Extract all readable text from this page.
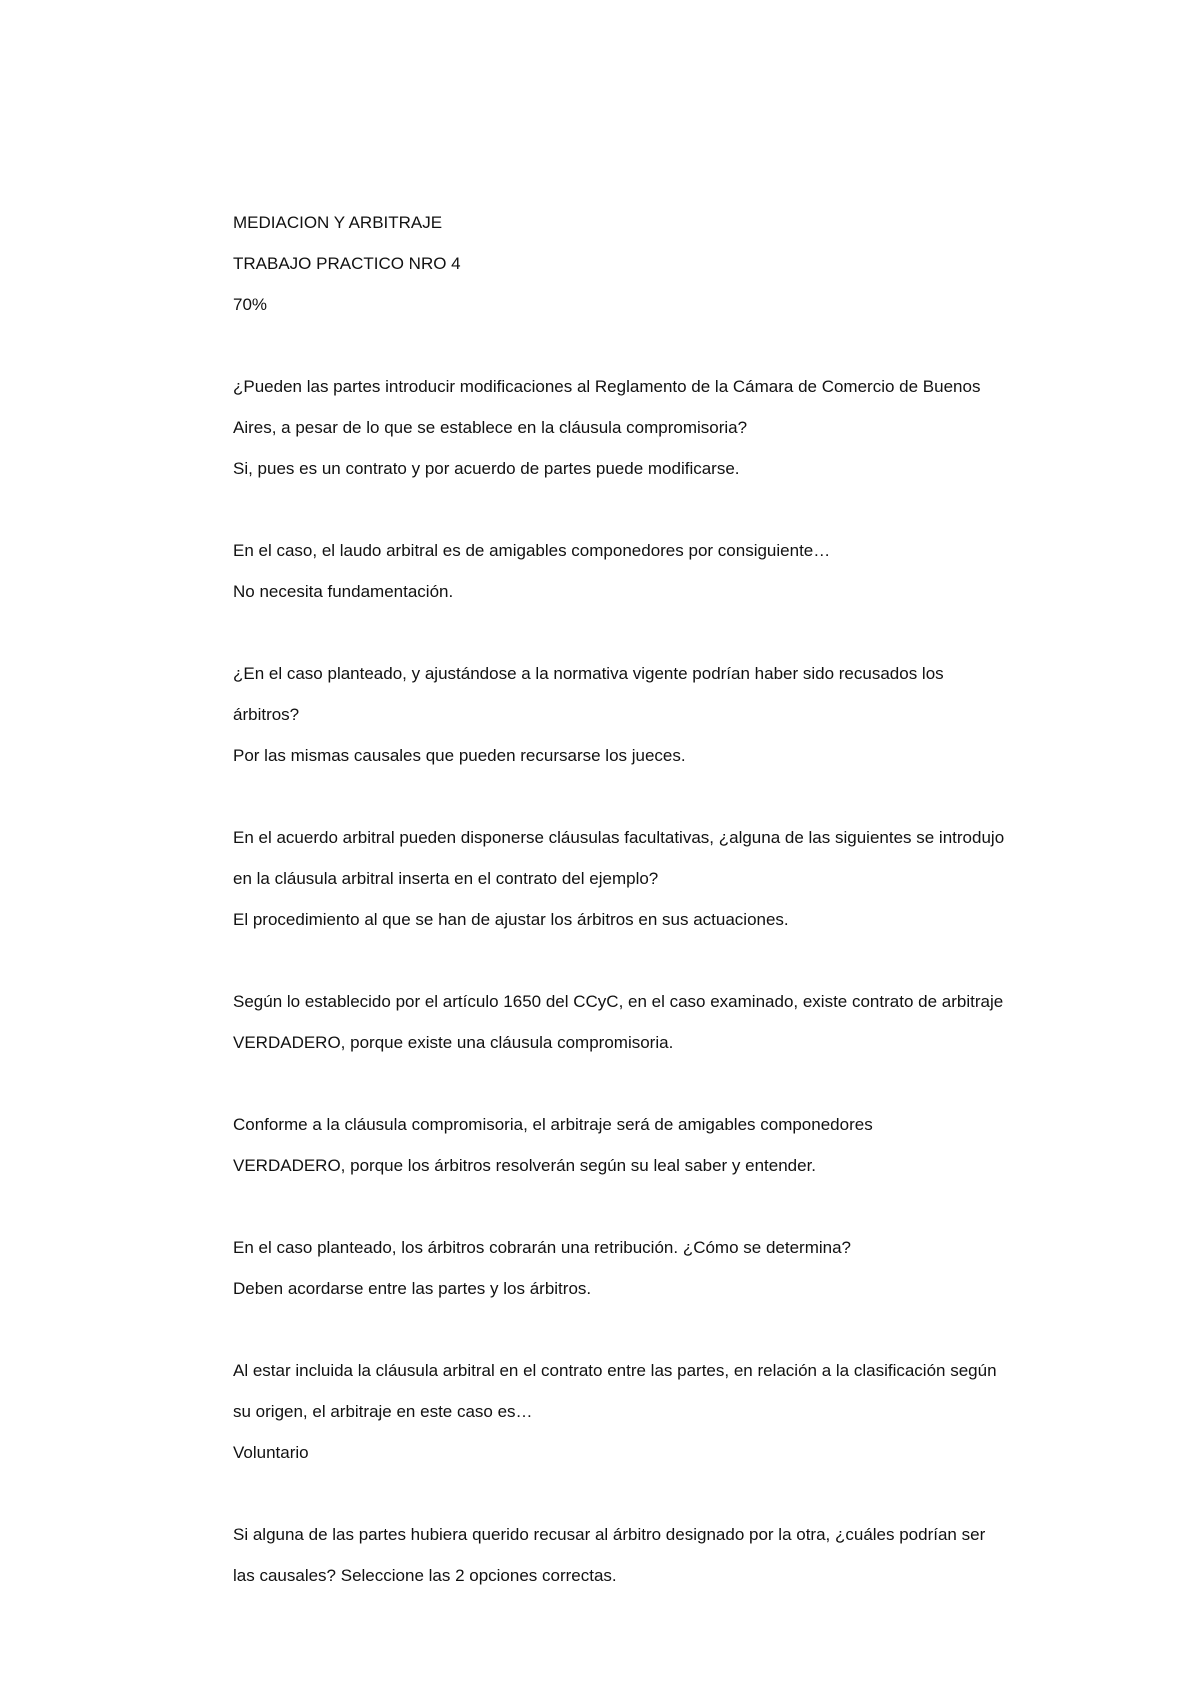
MEDIACION Y ARBITRAJE
TRABAJO PRACTICO NRO 4
70%
¿Pueden las partes introducir modificaciones al Reglamento de la Cámara de Comercio de Buenos
Aires, a pesar de lo que se establece en la cláusula compromisoria?
Si, pues es un contrato y por acuerdo de partes puede modificarse.
En el caso, el laudo arbitral es de amigables componedores por consiguiente…
No necesita fundamentación.
¿En el caso planteado, y ajustándose a la normativa vigente podrían haber sido recusados los
árbitros?
Por las mismas causales que pueden recursarse los jueces.
En el acuerdo arbitral pueden disponerse cláusulas facultativas, ¿alguna de las siguientes se introdujo
en la cláusula arbitral inserta en el contrato del ejemplo?
El procedimiento al que se han de ajustar los árbitros en sus actuaciones.
Según lo establecido por el artículo 1650 del CCyC, en el caso examinado, existe contrato de arbitraje
VERDADERO, porque existe una cláusula compromisoria.
Conforme a la cláusula compromisoria, el arbitraje será de amigables componedores
VERDADERO, porque los árbitros resolverán según su leal saber y entender.
En el caso planteado, los árbitros cobrarán una retribución. ¿Cómo se determina?
Deben acordarse entre las partes y los árbitros.
Al estar incluida la cláusula arbitral en el contrato entre las partes, en relación a la clasificación según
su origen, el arbitraje en este caso es…
Voluntario
Si alguna de las partes hubiera querido recusar al árbitro designado por la otra, ¿cuáles podrían ser
las causales? Seleccione las 2 opciones correctas.
